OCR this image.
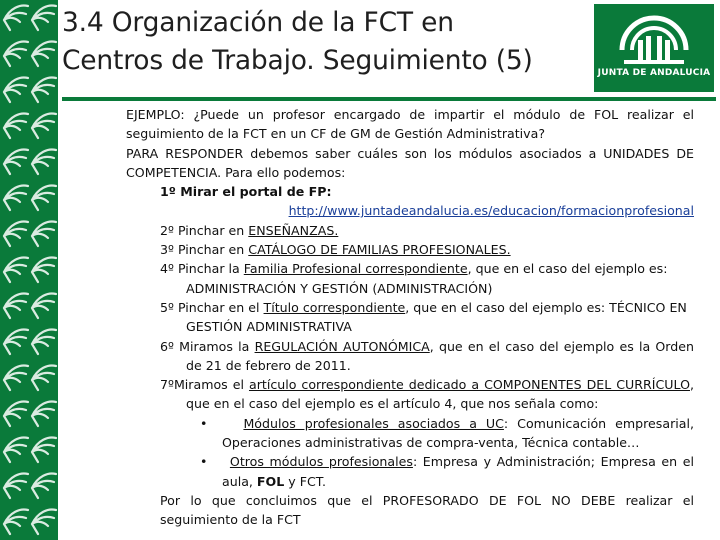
3.4 Organización de la FCT en
Centros de Trabajo. Seguimiento (5)	JUNTA DE ANDALUCIA

EJEMPLO: ¿Puede un profesor encargado de impartir el módulo de FOL realizar el seguimiento de la FCT en un CF de GM de Gestión Administrativa?

PARA RESPONDER debemos saber cuáles son los módulos asociados a UNIDADES DE COMPETENCIA. Para ello podemos:

1º Mirar el portal de FP:

http://www.juntadeandalucia.es/educacion/formacionprofesional

2º Pinchar en ENSEÑANZAS.

3º Pinchar en CATÁLOGO DE FAMILIAS PROFESIONALES.

4º Pinchar la Familia Profesional correspondiente, que en el caso del ejemplo es: ADMINISTRACIÓN Y GESTIÓN (ADMINISTRACIÓN)

5º Pinchar en el Título correspondiente, que en el caso del ejemplo es: TÉCNICO EN GESTIÓN ADMINISTRATIVA

6º Miramos la REGULACIÓN AUTONÓMICA, que en el caso del ejemplo es la Orden de 21 de febrero de 2011.

7ºMiramos el artículo correspondiente dedicado a COMPONENTES DEL CURRÍCULO, que en el caso del ejemplo es el artículo 4, que nos señala como:

•    Módulos profesionales asociados a UC: Comunicación empresarial, Operaciones administrativas de compra-venta, Técnica contable…

•    Otros módulos profesionales: Empresa y Administración; Empresa en el aula, FOL y FCT.

Por lo que concluimos que el PROFESORADO DE FOL NO DEBE realizar el seguimiento de la FCT
